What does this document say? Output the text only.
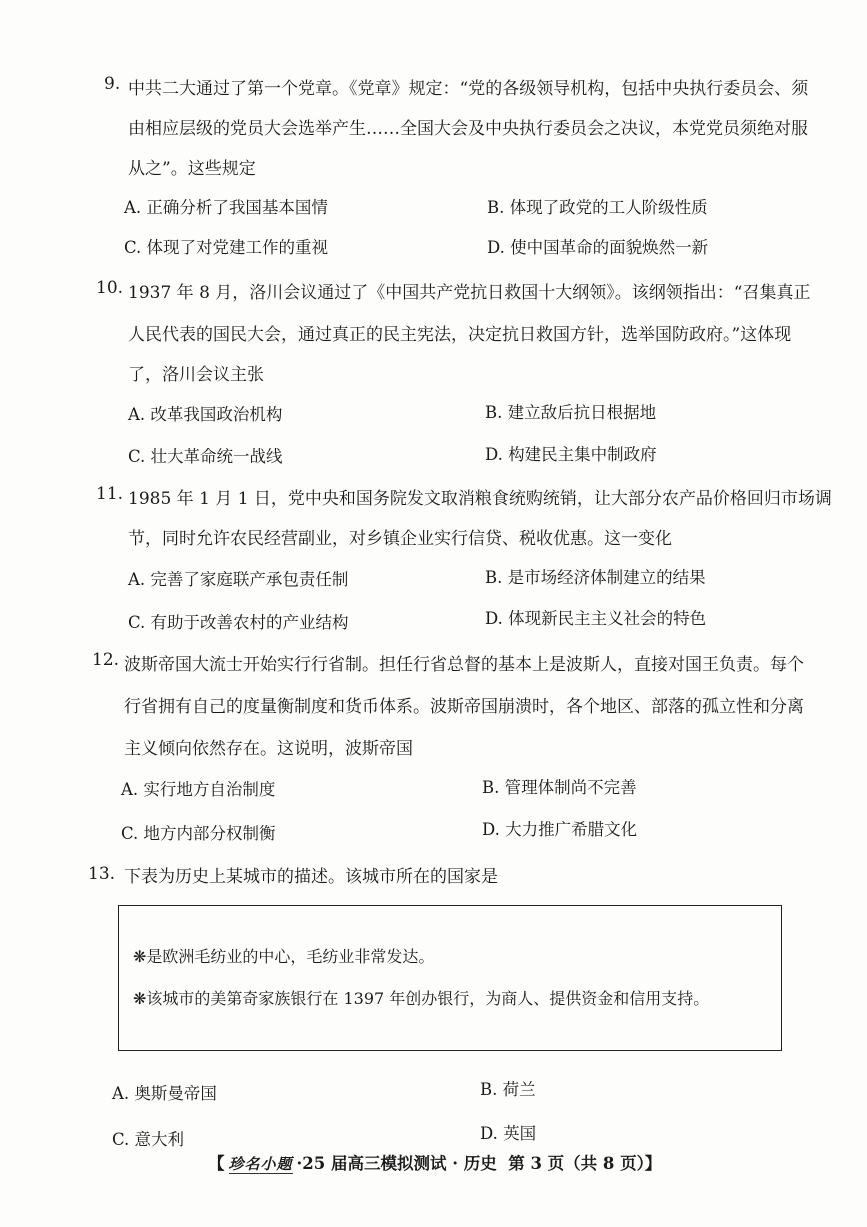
9. 中共二大通过了第一个党章。《党章》规定：“党的各级领导机构，包括中央执行委员会、须
由相应层级的党员大会选举产生……全国大会及中央执行委员会之决议，本党党员须绝对服
从之”。这些规定
A. 正确分析了我国基本国情	B. 体现了政党的工人阶级性质
C. 体现了对党建工作的重视	D. 使中国革命的面貌焕然一新
10. 1937 年 8 月，洛川会议通过了《中国共产党抗日救国十大纲领》。该纲领指出：“召集真正
人民代表的国民大会，通过真正的民主宪法，决定抗日救国方针，选举国防政府。”这体现
了，洛川会议主张
A. 改革我国政治机构	B. 建立敌后抗日根据地
C. 壮大革命统一战线	D. 构建民主集中制政府
11. 1985 年 1 月 1 日，党中央和国务院发文取消粮食统购统销，让大部分农产品价格回归市场调
节，同时允许农民经营副业，对乡镇企业实行信贷、税收优惠。这一变化
A. 完善了家庭联产承包责任制	B. 是市场经济体制建立的结果
C. 有助于改善农村的产业结构	D. 体现新民主主义社会的特色
12. 波斯帝国大流士开始实行行省制。担任行省总督的基本上是波斯人，直接对国王负责。每个
行省拥有自己的度量衡制度和货币体系。波斯帝国崩溃时，各个地区、部落的孤立性和分离
主义倾向依然存在。这说明，波斯帝国
A. 实行地方自治制度	B. 管理体制尚不完善
C. 地方内部分权制衡	D. 大力推广希腊文化
13. 下表为历史上某城市的描述。该城市所在的国家是
❋是欧洲毛纺业的中心，毛纺业非常发达。
❋该城市的美第奇家族银行在 1397 年创办银行，为商人、提供资金和信用支持。
A. 奥斯曼帝国	B. 荷兰
C. 意大利	D. 英国
【 珍名小题 ·25 届高三模拟测试 · 历史 第 3 页（共 8 页）】
